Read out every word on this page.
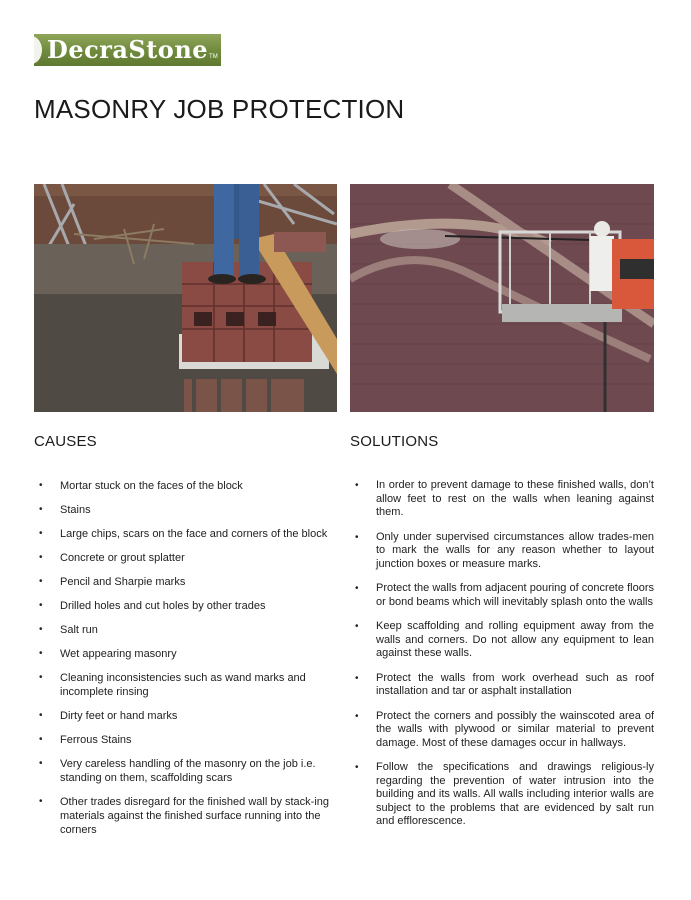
DecraStone TM
MASONRY JOB PROTECTION
CAUSES
• Mortar stuck on the faces of the block
• Stains
• Large chips, scars on the face and corners of the block
• Concrete or grout splatter
• Pencil and Sharpie marks
• Drilled holes and cut holes by other trades
• Salt run
• Wet appearing masonry
• Cleaning inconsistencies such as wand marks and incomplete rinsing
• Dirty feet or hand marks
• Ferrous Stains
• Very careless handling of the masonry on the job i.e. standing on them, scaffolding scars
• Other trades disregard for the finished wall by stack-ing materials against the finished surface running into the corners
SOLUTIONS
• In order to prevent damage to these finished walls, don’t allow feet to rest on the walls when leaning against them.
• Only under supervised circumstances allow trades-men to mark the walls for any reason whether to layout junction boxes or measure marks.
• Protect the walls from adjacent pouring of concrete floors or bond beams which will inevitably splash onto the walls
• Keep scaffolding and rolling equipment away from the walls and corners. Do not allow any equipment to lean against these walls.
• Protect the walls from work overhead such as roof installation and tar or asphalt installation
• Protect the corners and possibly the wainscoted area of the walls with plywood or similar material to prevent damage. Most of these damages occur in hallways.
• Follow the specifications and drawings religious-ly regarding the prevention of water intrusion into the building and its walls. All walls including interior walls are subject to the problems that are evidenced by salt run and efflorescence.
